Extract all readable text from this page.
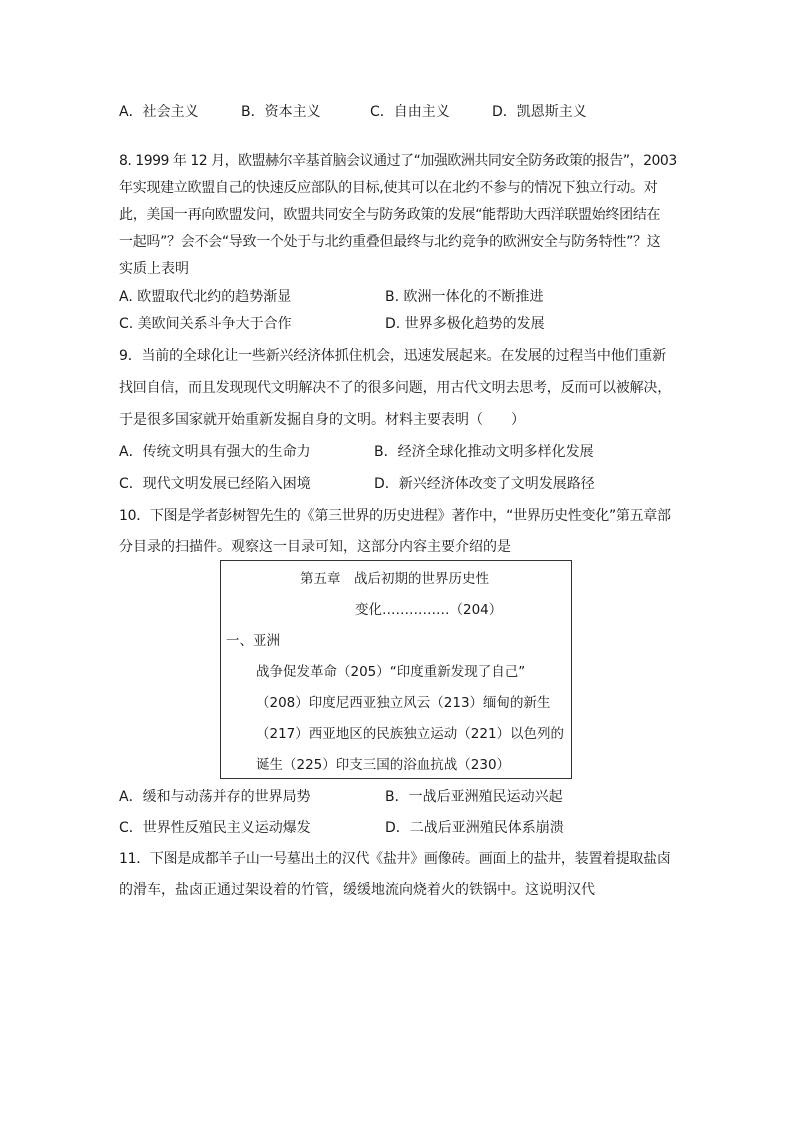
A．社会主义	B．资本主义	C．自由主义	D．凯恩斯主义
8. 1999 年 12 月，欧盟赫尔辛基首脑会议通过了“加强欧洲共同安全防务政策的报告”，2003
年实现建立欧盟自己的快速反应部队的目标,使其可以在北约不参与的情况下独立行动。对
此，美国一再向欧盟发问，欧盟共同安全与防务政策的发展“能帮助大西洋联盟始终团结在
一起吗”？会不会“导致一个处于与北约重叠但最终与北约竞争的欧洲安全与防务特性”？这
实质上表明
A. 欧盟取代北约的趋势渐显	B. 欧洲一体化的不断推进
C. 美欧间关系斗争大于合作	D. 世界多极化趋势的发展
9．当前的全球化让一些新兴经济体抓住机会，迅速发展起来。在发展的过程当中他们重新
找回自信，而且发现现代文明解决不了的很多问题，用古代文明去思考，反而可以被解决，
于是很多国家就开始重新发掘自身的文明。材料主要表明（　　）
A．传统文明具有强大的生命力	B．经济全球化推动文明多样化发展
C．现代文明发展已经陷入困境	D．新兴经济体改变了文明发展路径
10．下图是学者彭树智先生的《第三世界的历史进程》著作中，“世界历史性变化”第五章部
分目录的扫描件。观察这一目录可知，这部分内容主要介绍的是
第五章　战后初期的世界历史性
变化……………（204）
一、亚洲
战争促发革命（205）“印度重新发现了自己”
（208）印度尼西亚独立风云（213）缅甸的新生
（217）西亚地区的民族独立运动（221）以色列的
诞生（225）印支三国的浴血抗战（230）
A．缓和与动荡并存的世界局势	B．一战后亚洲殖民运动兴起
C．世界性反殖民主义运动爆发	D．二战后亚洲殖民体系崩溃
11．下图是成都羊子山一号墓出土的汉代《盐井》画像砖。画面上的盐井，装置着提取盐卤
的滑车，盐卤正通过架设着的竹管，缓缓地流向烧着火的铁锅中。这说明汉代
